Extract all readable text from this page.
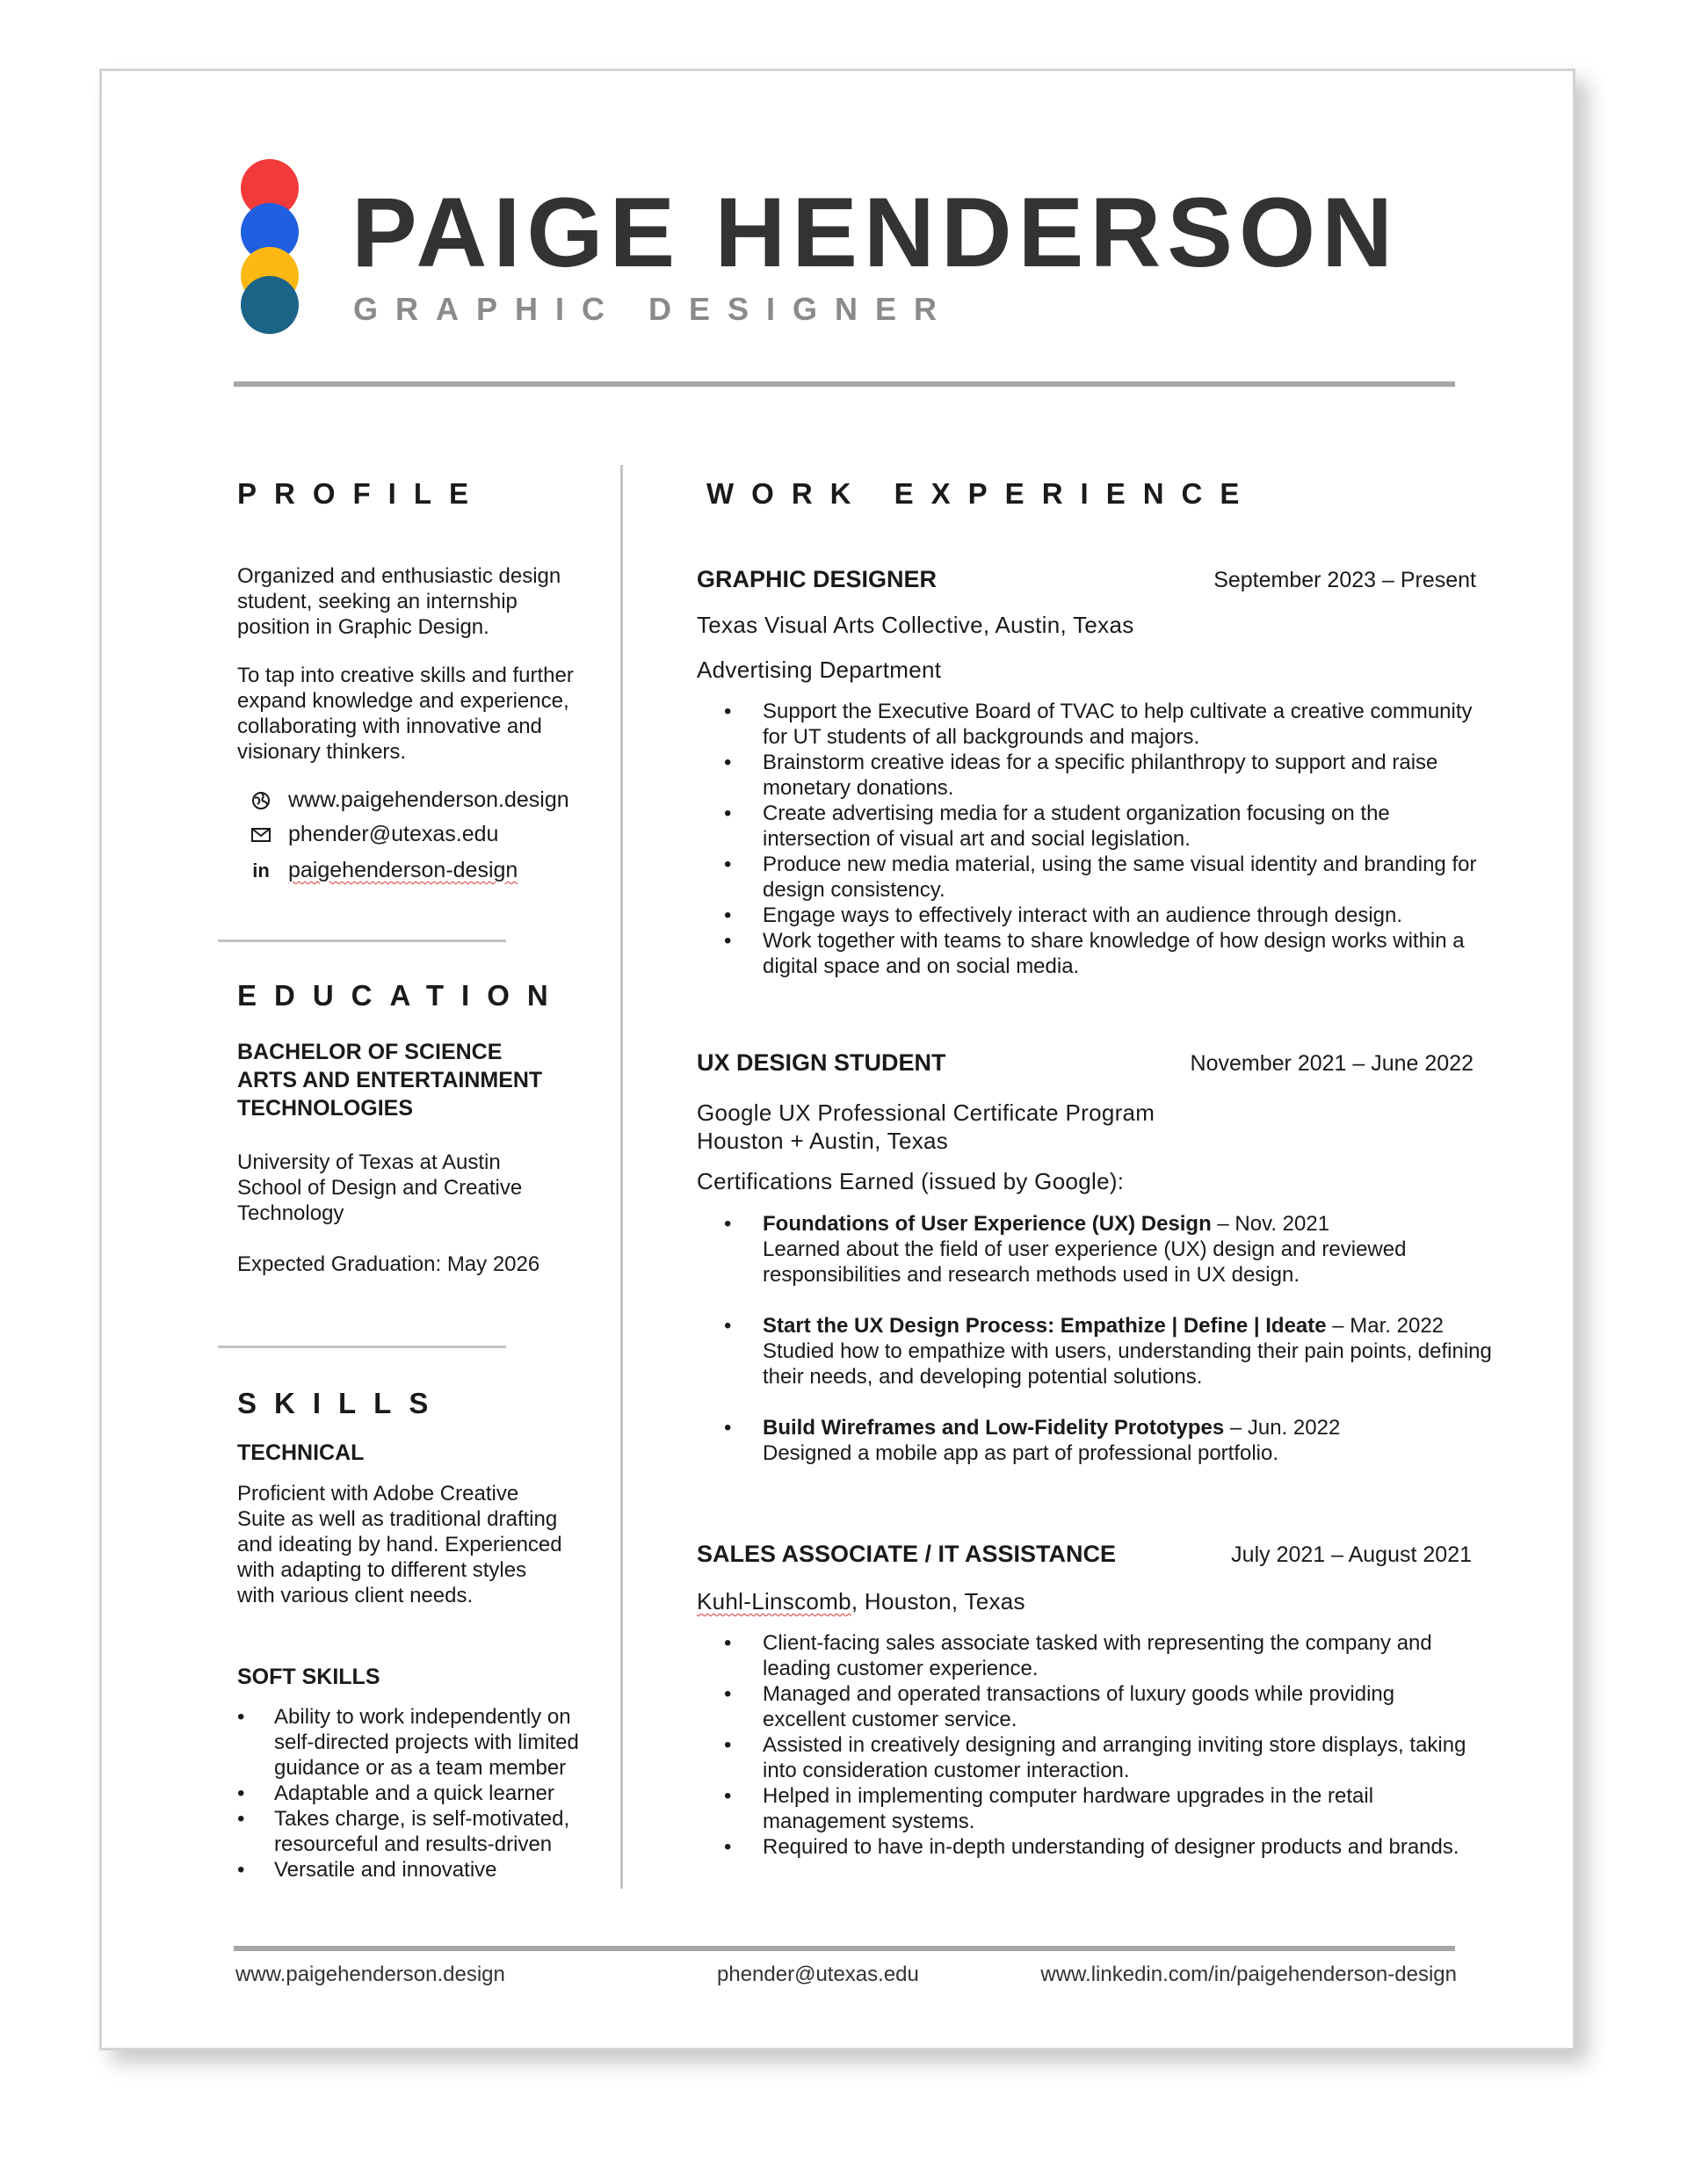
PAIGE HENDERSON
GRAPHIC DESIGNER
PROFILE
Organized and enthusiastic design student, seeking an internship position in Graphic Design.
To tap into creative skills and further expand knowledge and experience, collaborating with innovative and visionary thinkers.
www.paigehenderson.design
phender@utexas.edu
in paigehenderson-design
EDUCATION
BACHELOR OF SCIENCE
ARTS AND ENTERTAINMENT
TECHNOLOGIES
University of Texas at Austin School of Design and Creative Technology
Expected Graduation: May 2026
SKILLS
TECHNICAL
Proficient with Adobe Creative Suite as well as traditional drafting and ideating by hand. Experienced with adapting to different styles with various client needs.
SOFT SKILLS
• Ability to work independently on self-directed projects with limited guidance or as a team member
• Adaptable and a quick learner
• Takes charge, is self-motivated, resourceful and results-driven
• Versatile and innovative
WORK EXPERIENCE
GRAPHIC DESIGNER	September 2023 – Present
Texas Visual Arts Collective, Austin, Texas
Advertising Department
• Support the Executive Board of TVAC to help cultivate a creative community for UT students of all backgrounds and majors.
• Brainstorm creative ideas for a specific philanthropy to support and raise monetary donations.
• Create advertising media for a student organization focusing on the intersection of visual art and social legislation.
• Produce new media material, using the same visual identity and branding for design consistency.
• Engage ways to effectively interact with an audience through design.
• Work together with teams to share knowledge of how design works within a digital space and on social media.
UX DESIGN STUDENT	November 2021 – June 2022
Google UX Professional Certificate Program
Houston + Austin, Texas
Certifications Earned (issued by Google):
• Foundations of User Experience (UX) Design – Nov. 2021
Learned about the field of user experience (UX) design and reviewed responsibilities and research methods used in UX design.
• Start the UX Design Process: Empathize | Define | Ideate – Mar. 2022
Studied how to empathize with users, understanding their pain points, defining their needs, and developing potential solutions.
• Build Wireframes and Low-Fidelity Prototypes – Jun. 2022
Designed a mobile app as part of professional portfolio.
SALES ASSOCIATE / IT ASSISTANCE	July 2021 – August 2021
Kuhl-Linscomb, Houston, Texas
• Client-facing sales associate tasked with representing the company and leading customer experience.
• Managed and operated transactions of luxury goods while providing excellent customer service.
• Assisted in creatively designing and arranging inviting store displays, taking into consideration customer interaction.
• Helped in implementing computer hardware upgrades in the retail management systems.
• Required to have in-depth understanding of designer products and brands.
www.paigehenderson.design	phender@utexas.edu	www.linkedin.com/in/paigehenderson-design
